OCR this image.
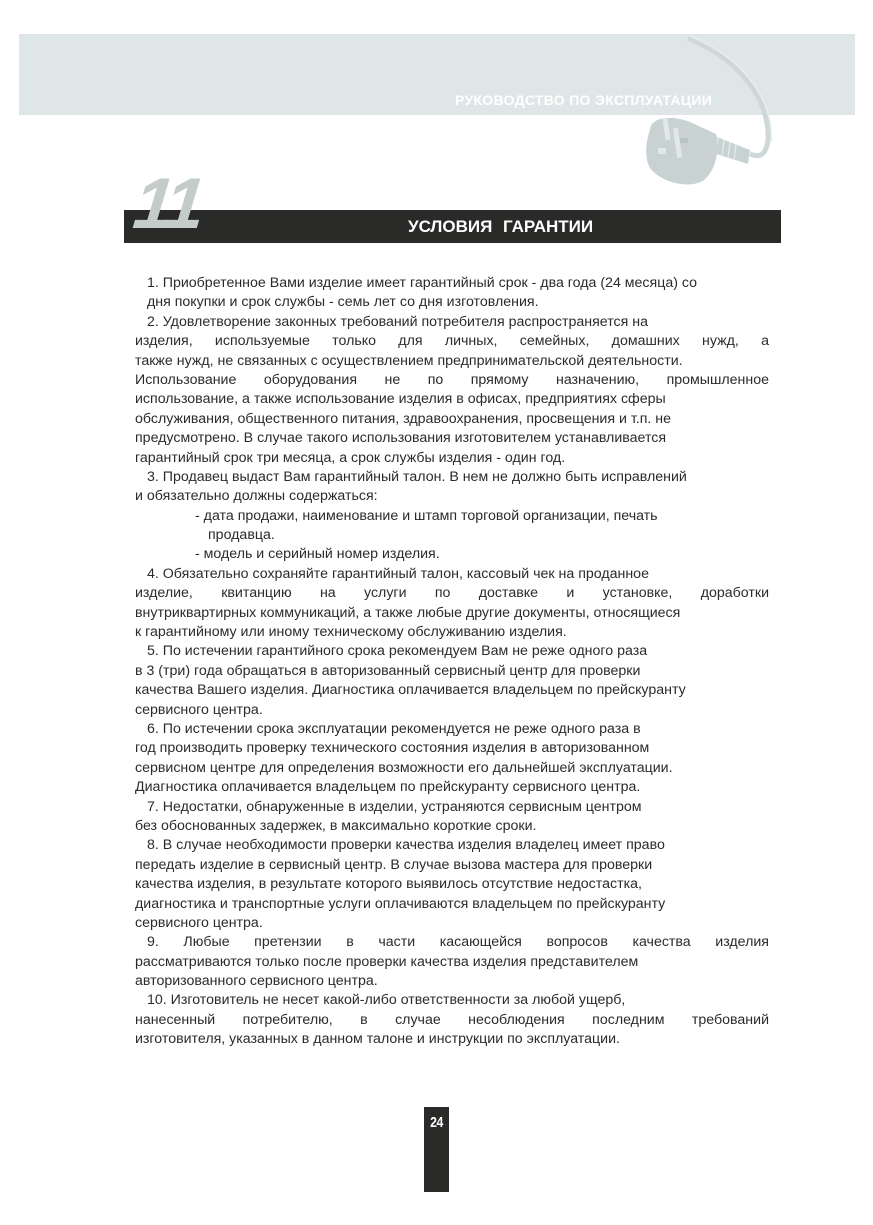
РУКОВОДСТВО ПО ЭКСПЛУАТАЦИИ
11	УСЛОВИЯ ГАРАНТИИ
1. Приобретенное Вами изделие имеет гарантийный срок - два года (24 месяца) со
дня покупки и срок службы - семь лет со дня изготовления.
2. Удовлетворение законных требований потребителя распространяется на
изделия, используемые только для личных, семейных, домашних нужд, а
также нужд, не связанных с осуществлением предпринимательской деятельности.
Использование оборудования не по прямому назначению, промышленное
использование, а также использование изделия в офисах, предприятиях сферы
обслуживания, общественного питания, здравоохранения, просвещения и т.п. не
предусмотрено. В случае такого использования изготовителем устанавливается
гарантийный срок три месяца, а срок службы изделия - один год.
3. Продавец выдаст Вам гарантийный талон. В нем не должно быть исправлений
и обязательно должны содержаться:
- дата продажи, наименование и штамп торговой организации, печать
продавца.
- модель и серийный номер изделия.
4. Обязательно сохраняйте гарантийный талон, кассовый чек на проданное
изделие, квитанцию на услуги по доставке и установке, доработки
внутриквартирных коммуникаций, а также любые другие документы, относящиеся
к гарантийному или иному техническому обслуживанию изделия.
5. По истечении гарантийного срока рекомендуем Вам не реже одного раза
в 3 (три) года обращаться в авторизованный сервисный центр для проверки
качества Вашего изделия. Диагностика оплачивается владельцем по прейскуранту
сервисного центра.
6. По истечении срока эксплуатации рекомендуется не реже одного раза в
год производить проверку технического состояния изделия в авторизованном
сервисном центре для определения возможности его дальнейшей эксплуатации.
Диагностика оплачивается владельцем по прейскуранту сервисного центра.
7. Недостатки, обнаруженные в изделии, устраняются сервисным центром
без обоснованных задержек, в максимально короткие сроки.
8. В случае необходимости проверки качества изделия владелец имеет право
передать изделие в сервисный центр. В случае вызова мастера для проверки
качества изделия, в результате которого выявилось отсутствие недостастка,
диагностика и транспортные услуги оплачиваются владельцем по прейскуранту
сервисного центра.
9. Любые претензии в части касающейся вопросов качества изделия
рассматриваются только после проверки качества изделия представителем
авторизованного сервисного центра.
10. Изготовитель не несет какой-либо ответственности за любой ущерб,
нанесенный потребителю, в случае несоблюдения последним требований
изготовителя, указанных в данном талоне и инструкции по эксплуатации.
24
